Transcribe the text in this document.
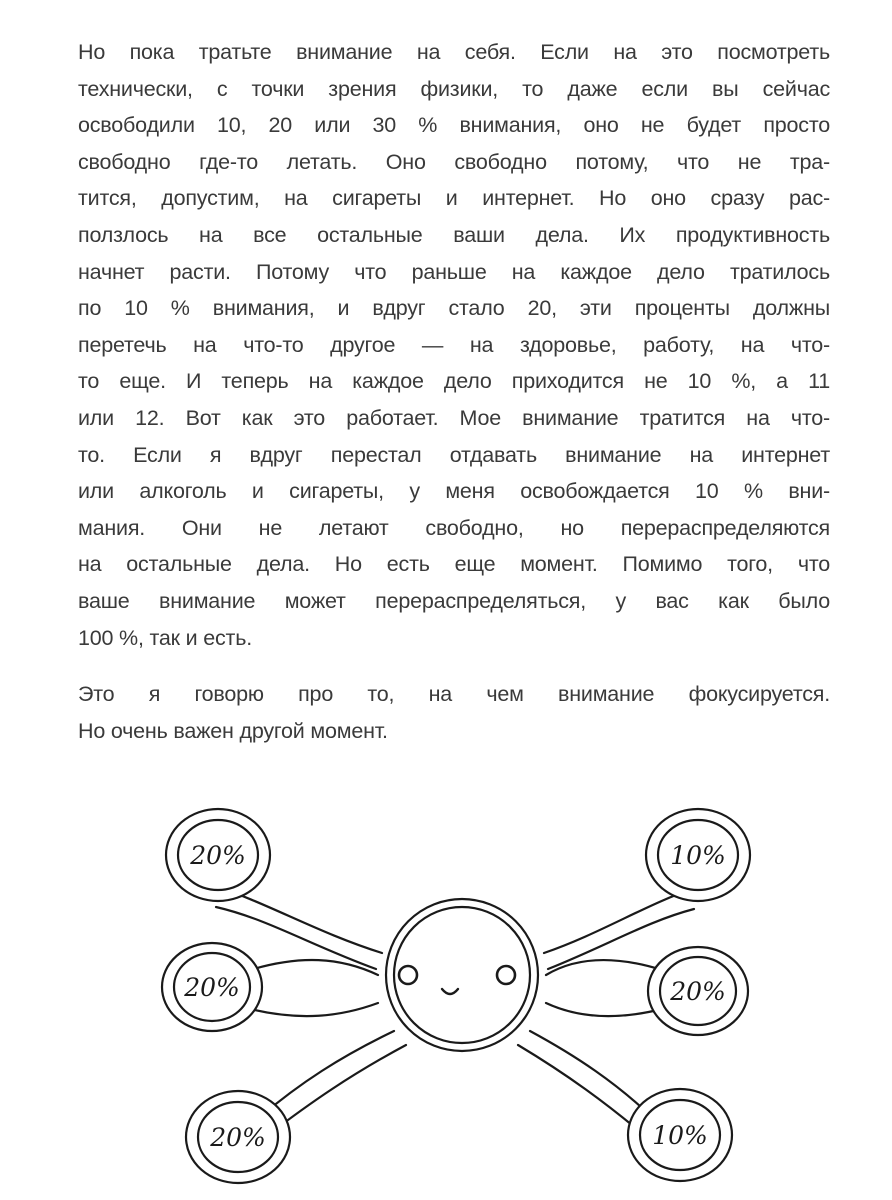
Но пока тратьте внимание на себя. Если на это посмотреть
технически, с точки зрения физики, то даже если вы сейчас
освободили 10, 20 или 30 % внимания, оно не будет просто
свободно где-то летать. Оно свободно потому, что не тра-
тится, допустим, на сигареты и интернет. Но оно сразу рас-
ползлось на все остальные ваши дела. Их продуктивность
начнет расти. Потому что раньше на каждое дело тратилось
по 10 % внимания, и вдруг стало 20, эти проценты должны
перетечь на что-то другое — на здоровье, работу, на что-
то еще. И теперь на каждое дело приходится не 10 %, а 11
или 12. Вот как это работает. Мое внимание тратится на что-
то. Если я вдруг перестал отдавать внимание на интернет
или алкоголь и сигареты, у меня освобождается 10 % вни-
мания. Они не летают свободно, но перераспределяются
на остальные дела. Но есть еще момент. Помимо того, что
ваше внимание может перераспределяться, у вас как было
100 %, так и есть.

Это я говорю про то, на чем внимание фокусируется.
Но очень важен другой момент.

20%
20%
20%
10%
20%
10%
